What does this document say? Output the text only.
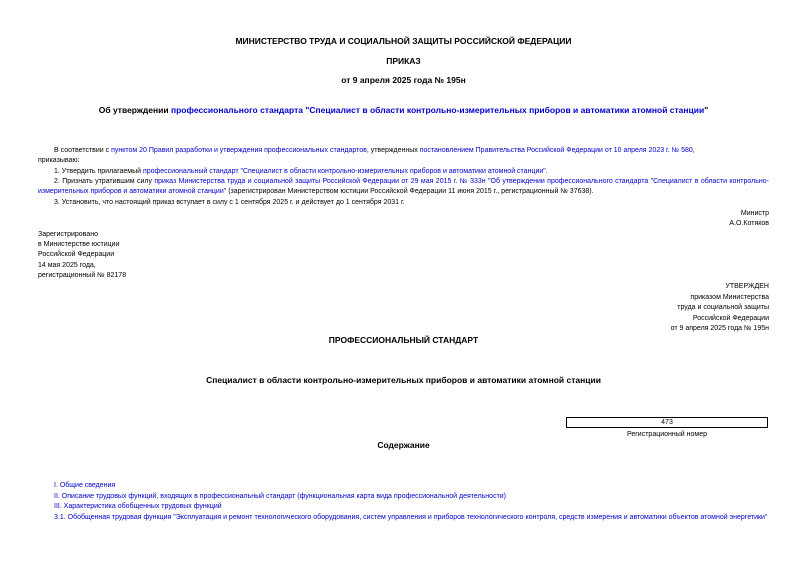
МИНИСТЕРСТВО ТРУДА И СОЦИАЛЬНОЙ ЗАЩИТЫ РОССИЙСКОЙ ФЕДЕРАЦИИ
ПРИКАЗ
от 9 апреля 2025 года № 195н
Об утверждении профессионального стандарта "Специалист в области контрольно-измерительных приборов и автоматики атомной станции"
В соответствии с пунктом 20 Правил разработки и утверждения профессиональных стандартов, утвержденных постановлением Правительства Российской Федерации от 10 апреля 2023 г. № 580,
приказываю:
1. Утвердить прилагаемый профессиональный стандарт "Специалист в области контрольно-измерительных приборов и автоматики атомной станции".
2. Признать утратившим силу приказ Министерства труда и социальной защиты Российской Федерации от 29 мая 2015 г. № 333н "Об утверждении профессионального стандарта "Специалист в области контрольно-измерительных приборов и автоматики атомной станции" (зарегистрирован Министерством юстиции Российской Федерации 11 июня 2015 г., регистрационный № 37638).
3. Установить, что настоящий приказ вступает в силу с 1 сентября 2025 г. и действует до 1 сентября 2031 г.
Министр
А.О.Котяков
Зарегистрировано
в Министерстве юстиции
Российской Федерации
14 мая 2025 года,
регистрационный № 82178
УТВЕРЖДЕН
приказом Министерства
труда и социальной защиты
Российской Федерации
от 9 апреля 2025 года № 195н
ПРОФЕССИОНАЛЬНЫЙ СТАНДАРТ
Специалист в области контрольно-измерительных приборов и автоматики атомной станции
473
Регистрационный номер
Содержание
I. Общие сведения
II. Описание трудовых функций, входящих в профессиональный стандарт (функциональная карта вида профессиональной деятельности)
III. Характеристика обобщенных трудовых функций
3.1. Обобщенная трудовая функция "Эксплуатация и ремонт технологического оборудования, систем управления и приборов технологического контроля, средств измерения и автоматики объектов атомной энергетики"
